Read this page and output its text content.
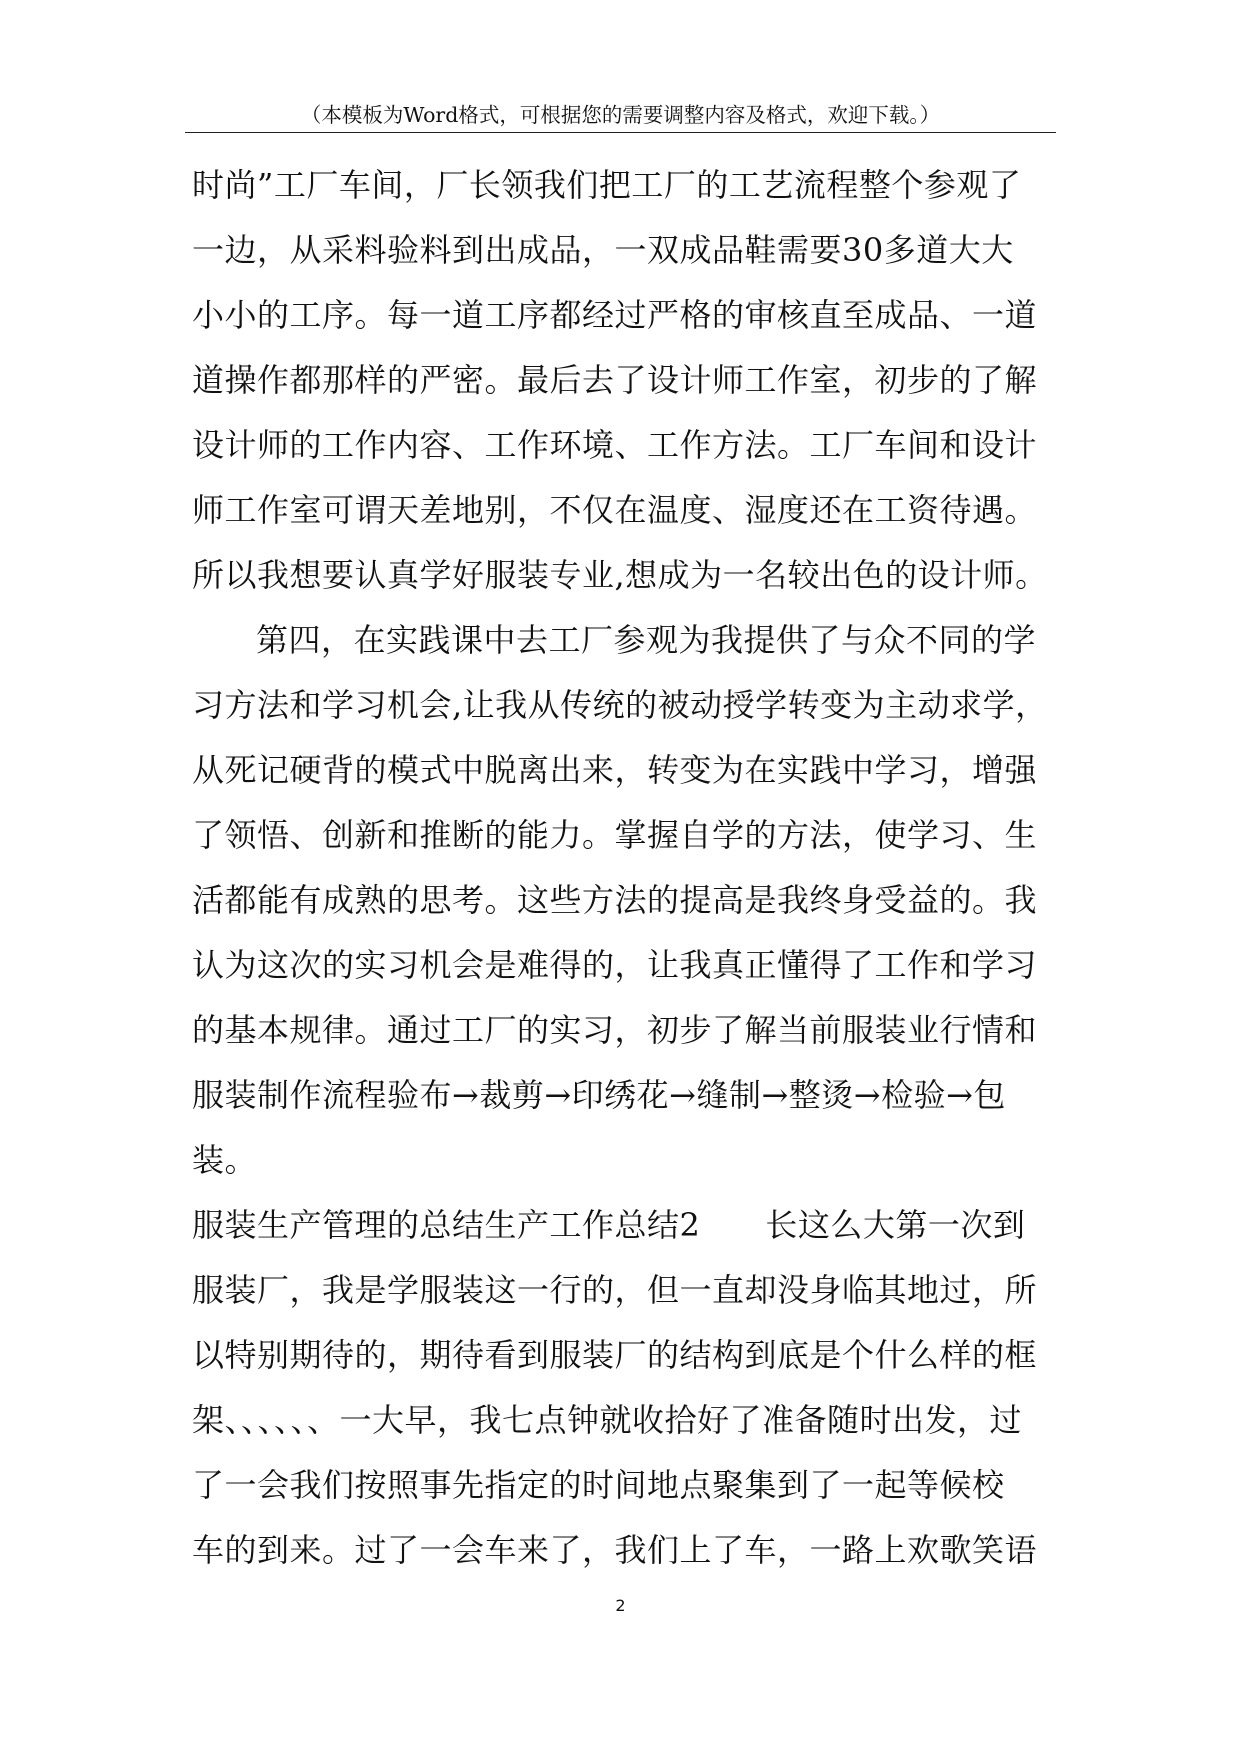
（本模板为Word格式，可根据您的需要调整内容及格式，欢迎下载。）
时尚”工厂车间，厂长领我们把工厂的工艺流程整个参观了
一边，从采料验料到出成品，一双成品鞋需要30多道大大
小小的工序。每一道工序都经过严格的审核直至成品、一道
道操作都那样的严密。最后去了设计师工作室，初步的了解
设计师的工作内容、工作环境、工作方法。工厂车间和设计
师工作室可谓天差地别，不仅在温度、湿度还在工资待遇。
所以我想要认真学好服装专业,想成为一名较出色的设计师。
第四，在实践课中去工厂参观为我提供了与众不同的学
习方法和学习机会,让我从传统的被动授学转变为主动求学，
从死记硬背的模式中脱离出来，转变为在实践中学习，增强
了领悟、创新和推断的能力。掌握自学的方法，使学习、生
活都能有成熟的思考。这些方法的提高是我终身受益的。我
认为这次的实习机会是难得的，让我真正懂得了工作和学习
的基本规律。通过工厂的实习，初步了解当前服装业行情和
服装制作流程验布→裁剪→印绣花→缝制→整烫→检验→包
装。
服装生产管理的总结生产工作总结2　　长这么大第一次到
服装厂，我是学服装这一行的，但一直却没身临其地过，所
以特别期待的，期待看到服装厂的结构到底是个什么样的框
架、、、、、、一大早，我七点钟就收拾好了准备随时出发，过
了一会我们按照事先指定的时间地点聚集到了一起等候校
车的到来。过了一会车来了，我们上了车，一路上欢歌笑语
2
